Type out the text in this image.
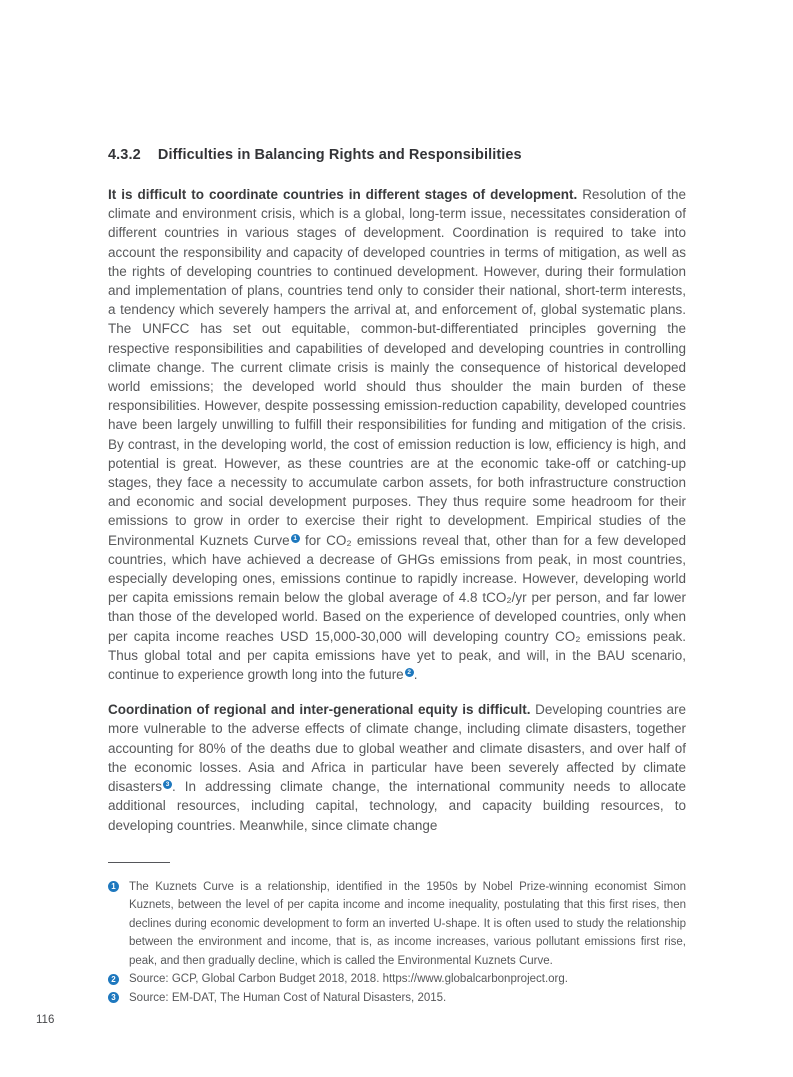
4.3.2 Difficulties in Balancing Rights and Responsibilities

It is difficult to coordinate countries in different stages of development. Resolution of the climate and environment crisis, which is a global, long-term issue, necessitates consideration of different countries in various stages of development. Coordination is required to take into account the responsibility and capacity of developed countries in terms of mitigation, as well as the rights of developing countries to continued development. However, during their formulation and implementation of plans, countries tend only to consider their national, short-term interests, a tendency which severely hampers the arrival at, and enforcement of, global systematic plans. The UNFCC has set out equitable, common-but-differentiated principles governing the respective responsibilities and capabilities of developed and developing countries in controlling climate change. The current climate crisis is mainly the consequence of historical developed world emissions; the developed world should thus shoulder the main burden of these responsibilities. However, despite possessing emission-reduction capability, developed countries have been largely unwilling to fulfill their responsibilities for funding and mitigation of the crisis. By contrast, in the developing world, the cost of emission reduction is low, efficiency is high, and potential is great. However, as these countries are at the economic take-off or catching-up stages, they face a necessity to accumulate carbon assets, for both infrastructure construction and economic and social development purposes. They thus require some headroom for their emissions to grow in order to exercise their right to development. Empirical studies of the Environmental Kuznets Curve $^1$ for CO₂ emissions reveal that, other than for a few developed countries, which have achieved a decrease of GHGs emissions from peak, in most countries, especially developing ones, emissions continue to rapidly increase. However, developing world per capita emissions remain below the global average of 4.8 tCO₂/yr per person, and far lower than those of the developed world. Based on the experience of developed countries, only when per capita income reaches USD 15,000-30,000 will developing country CO₂ emissions peak. Thus global total and per capita emissions have yet to peak, and will, in the BAU scenario, continue to experience growth long into the future $^2$ .

Coordination of regional and inter-generational equity is difficult. Developing countries are more vulnerable to the adverse effects of climate change, including climate disasters, together accounting for 80% of the deaths due to global weather and climate disasters, and over half of the economic losses. Asia and Africa in particular have been severely affected by climate disasters $^3$ . In addressing climate change, the international community needs to allocate additional resources, including capital, technology, and capacity building resources, to developing countries. Meanwhile, since climate change

1 The Kuznets Curve is a relationship, identified in the 1950s by Nobel Prize-winning economist Simon Kuznets, between the level of per capita income and income inequality, postulating that this first rises, then declines during economic development to form an inverted U-shape. It is often used to study the relationship between the environment and income, that is, as income increases, various pollutant emissions first rise, peak, and then gradually decline, which is called the Environmental Kuznets Curve.
2 Source: GCP, Global Carbon Budget 2018, 2018. https://www.globalcarbonproject.org.
3 Source: EM-DAT, The Human Cost of Natural Disasters, 2015.
116
